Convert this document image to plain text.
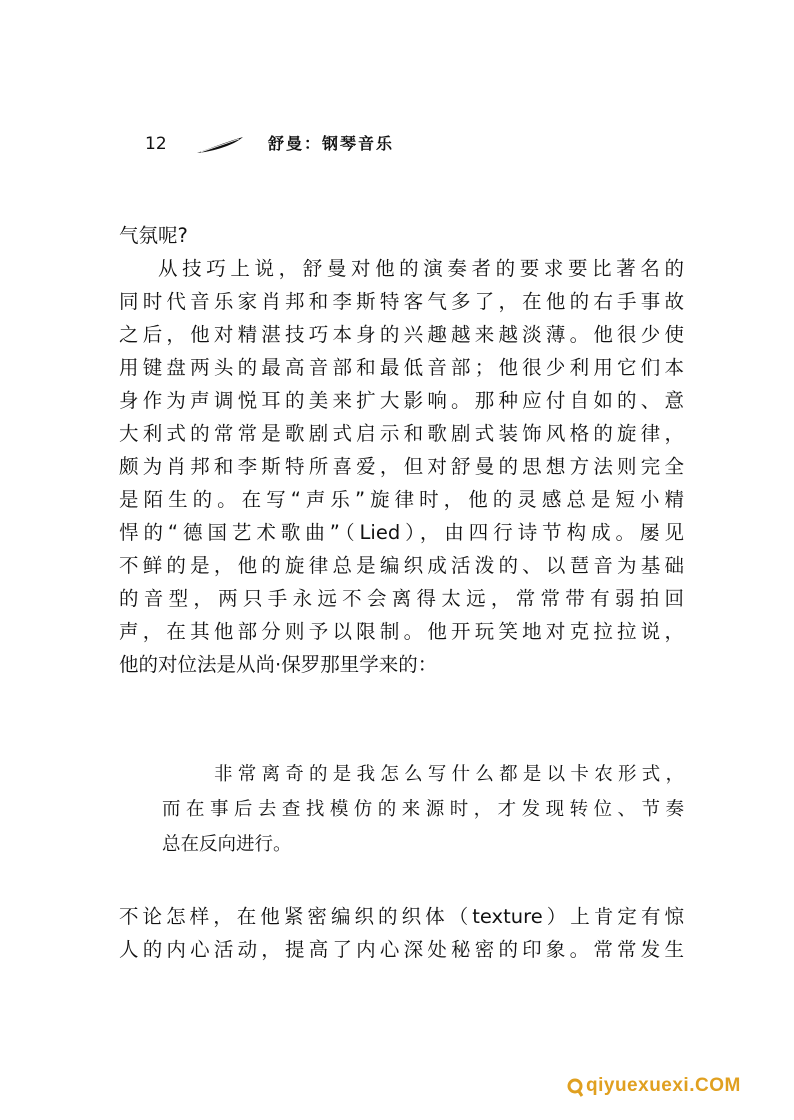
12	舒曼：钢琴音乐
气氛呢?
从技巧上说，舒曼对他的演奏者的要求要比著名的
同时代音乐家肖邦和李斯特客气多了，在他的右手事故
之后，他对精湛技巧本身的兴趣越来越淡薄。他很少使
用键盘两头的最高音部和最低音部；他很少利用它们本
身作为声调悦耳的美来扩大影响。那种应付自如的、意
大利式的常常是歌剧式启示和歌剧式装饰风格的旋律，
颇为肖邦和李斯特所喜爱，但对舒曼的思想方法则完全
是陌生的。在写“声乐”旋律时，他的灵感总是短小精
悍的“德国艺术歌曲”（Lied），由四行诗节构成。屡见
不鲜的是，他的旋律总是编织成活泼的、以琶音为基础
的音型，两只手永远不会离得太远，常常带有弱拍回
声，在其他部分则予以限制。他开玩笑地对克拉拉说，
他的对位法是从尚·保罗那里学来的：
非常离奇的是我怎么写什么都是以卡农形式，
而在事后去查找模仿的来源时，才发现转位、节奏
总在反向进行。
不论怎样，在他紧密编织的织体（texture）上肯定有惊
人的内心活动，提高了内心深处秘密的印象。常常发生
qiyuexuexi.COM
